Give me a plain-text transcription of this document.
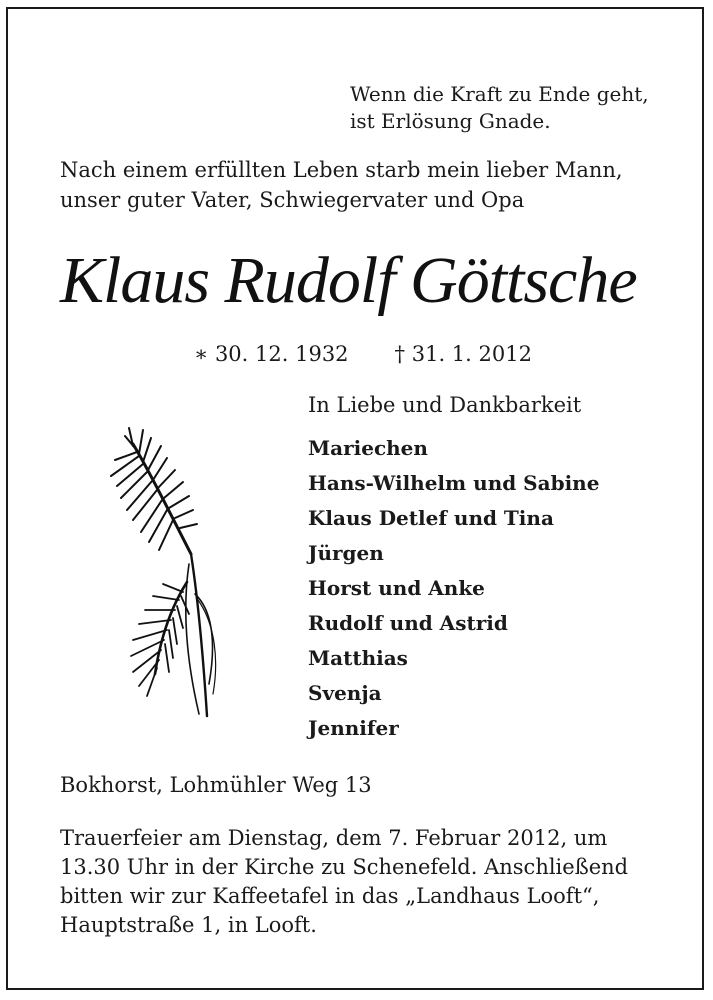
Wenn die Kraft zu Ende geht,
ist Erlösung Gnade.
Nach einem erfüllten Leben starb mein lieber Mann,
unser guter Vater, Schwiegervater und Opa
Klaus Rudolf Göttsche
∗ 30. 12. 1932 † 31. 1. 2012
In Liebe und Dankbarkeit
Mariechen
Hans-Wilhelm und Sabine
Klaus Detlef und Tina
Jürgen
Horst und Anke
Rudolf und Astrid
Matthias
Svenja
Jennifer
Bokhorst, Lohmühler Weg 13
Trauerfeier am Dienstag, dem 7. Februar 2012, um
13.30 Uhr in der Kirche zu Schenefeld. Anschließend
bitten wir zur Kaffeetafel in das „Landhaus Looft“,
Hauptstraße 1, in Looft.
